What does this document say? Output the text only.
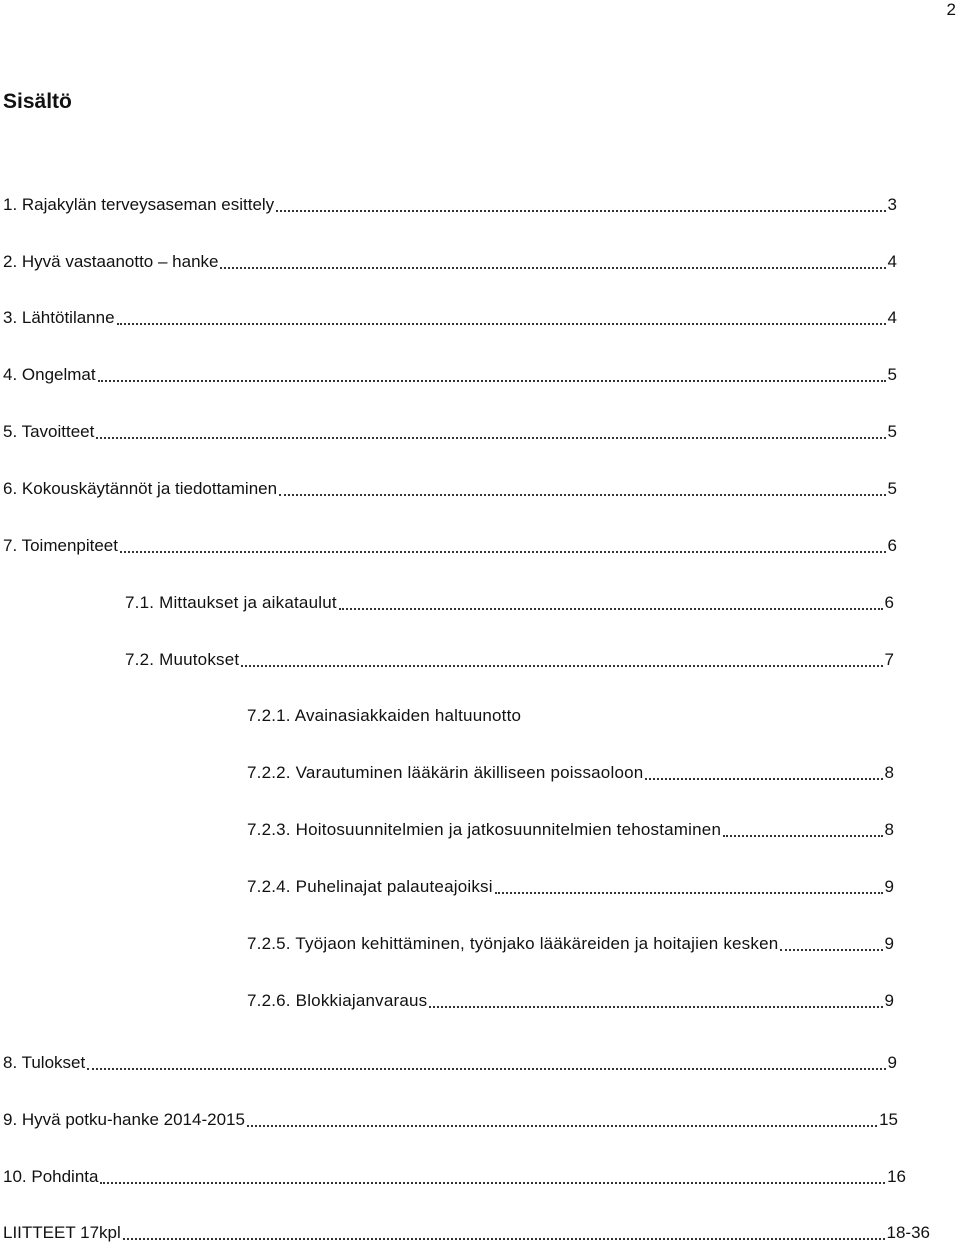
2
Sisältö
1. Rajakylän terveysaseman esittely	3
2. Hyvä vastaanotto – hanke	4
3. Lähtötilanne	4
4. Ongelmat	5
5. Tavoitteet	5
6. Kokouskäytännöt ja tiedottaminen	5
7. Toimenpiteet	6
7.1. Mittaukset ja aikataulut	6
7.2. Muutokset	7
7.2.1. Avainasiakkaiden haltuunotto
7.2.2. Varautuminen lääkärin äkilliseen poissaoloon	8
7.2.3. Hoitosuunnitelmien ja jatkosuunnitelmien tehostaminen	8
7.2.4. Puhelinajat palauteajoiksi	9
7.2.5. Työjaon kehittäminen, työnjako lääkäreiden ja hoitajien kesken	9
7.2.6. Blokkiajanvaraus	9
8. Tulokset	9
9. Hyvä potku-hanke 2014-2015	15
10. Pohdinta	16
LIITTEET 17kpl	18-36
